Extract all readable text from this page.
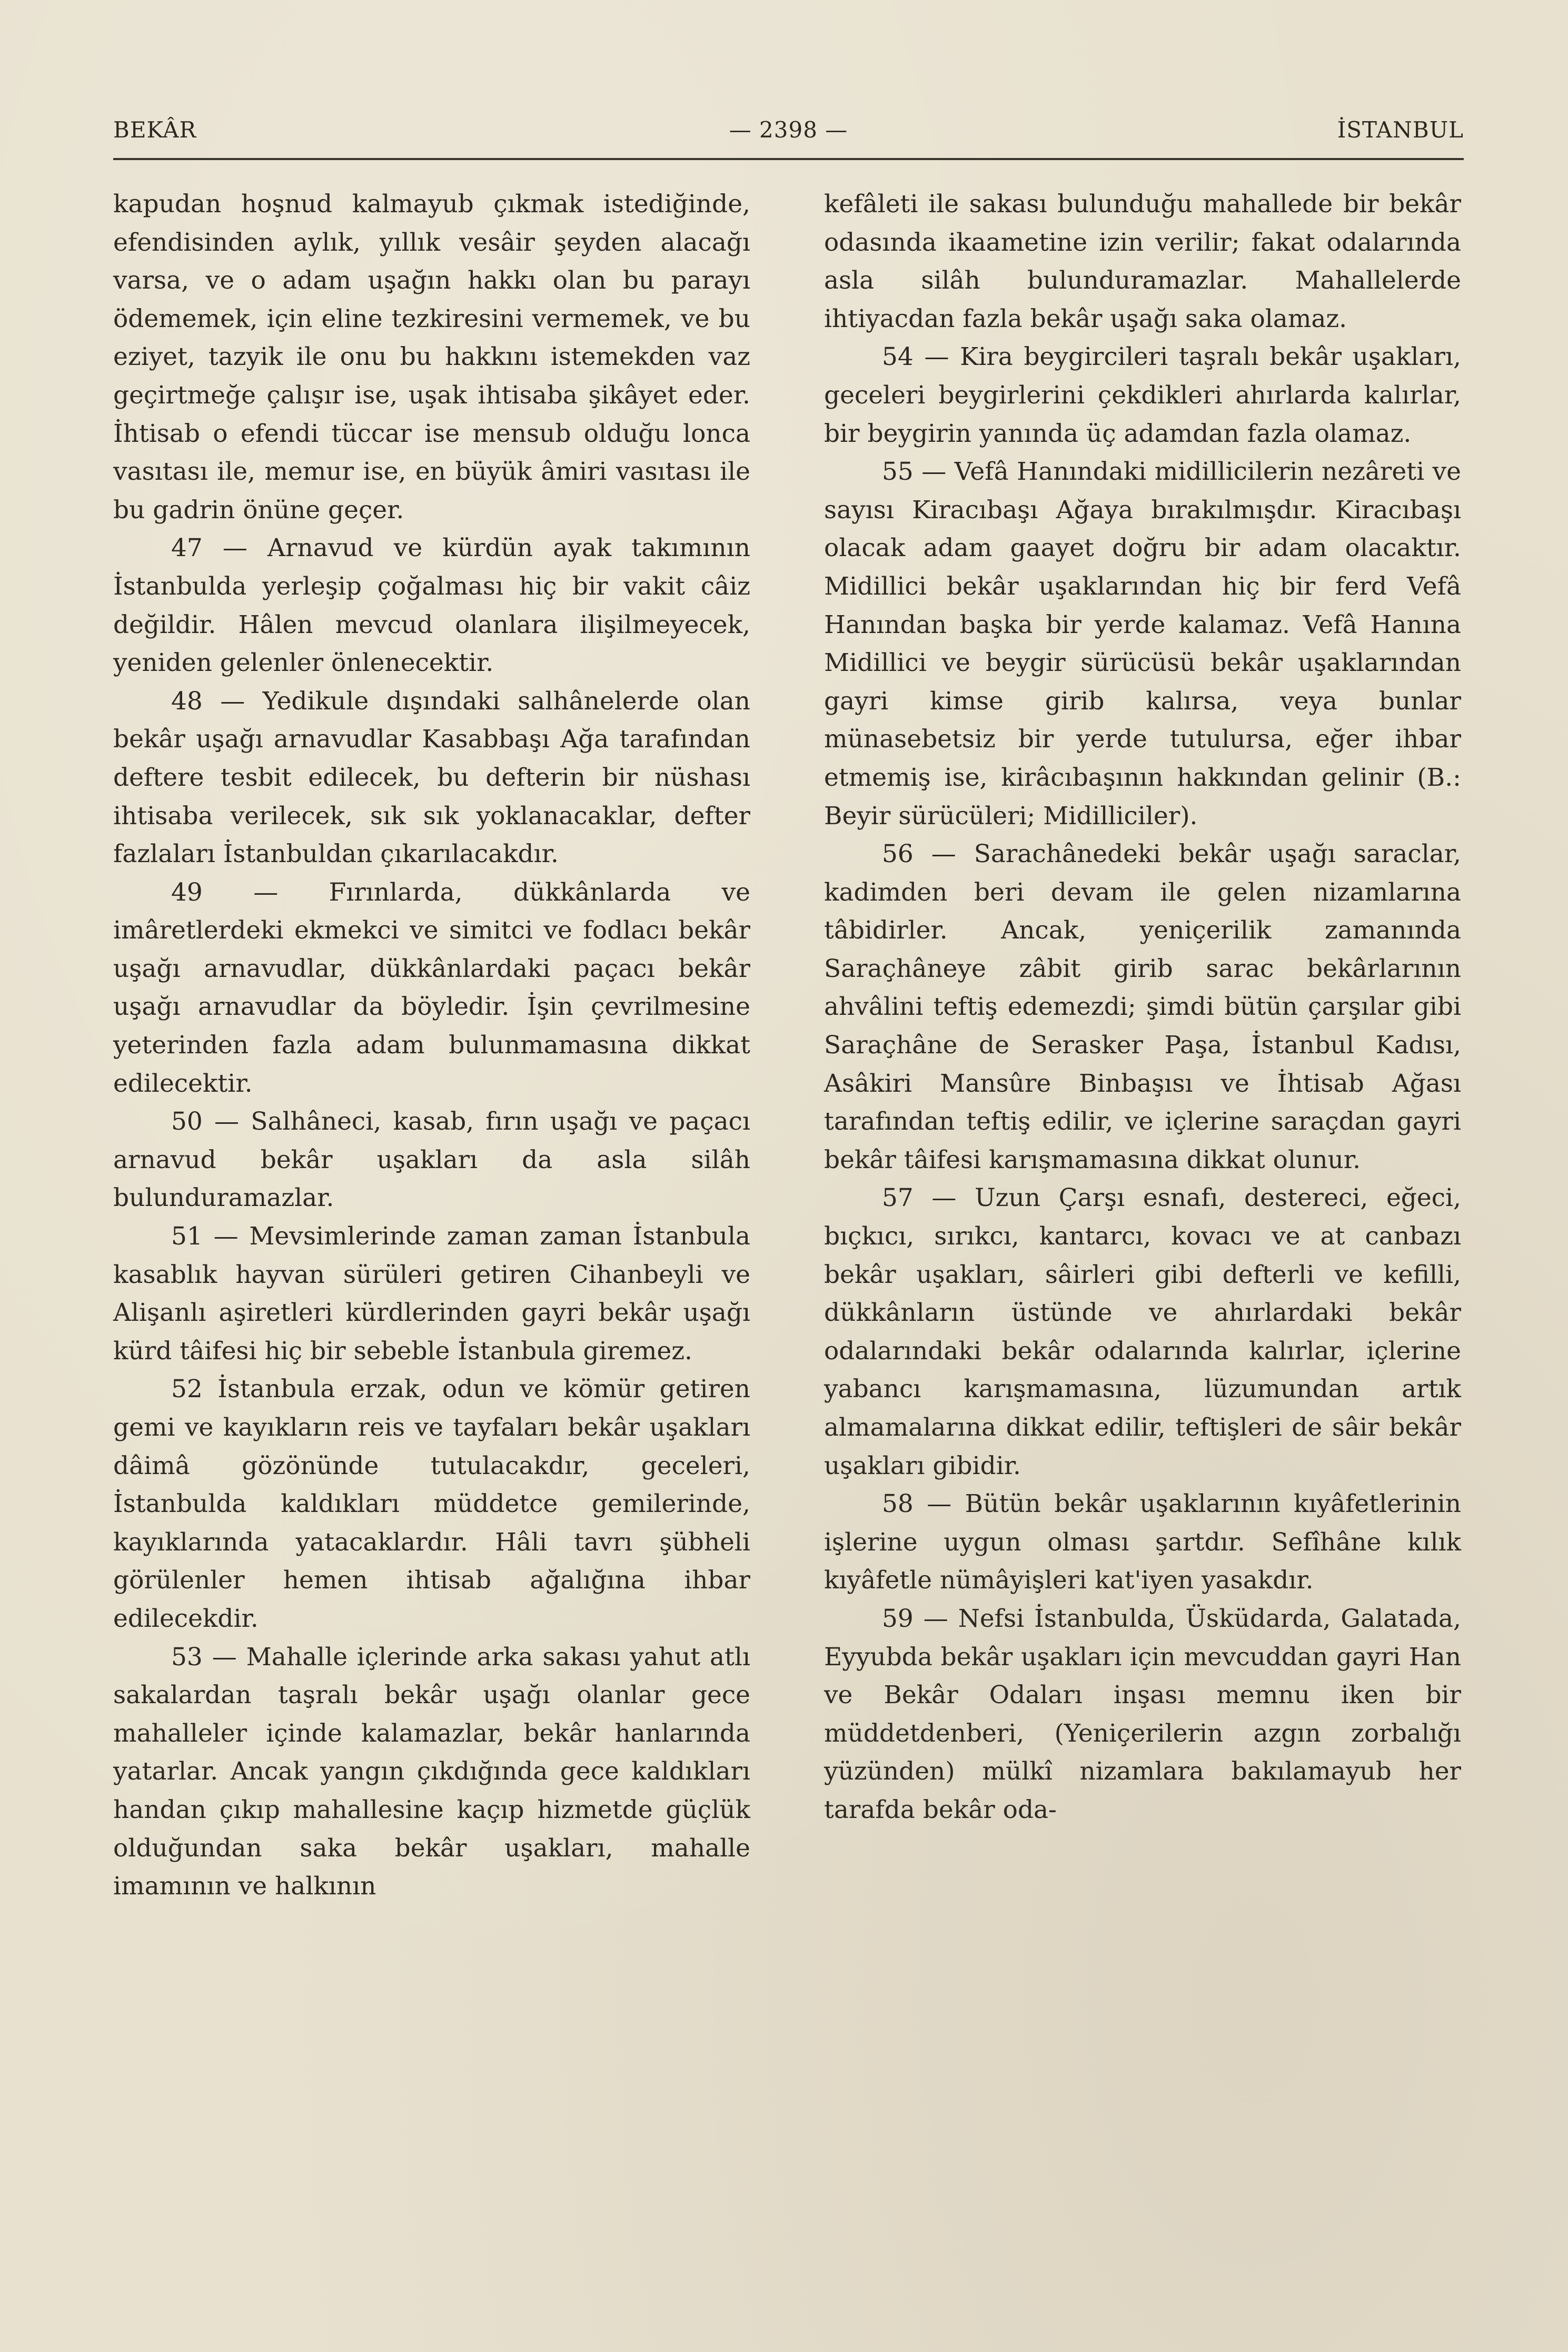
BEKÂR	— 2398 —	İSTANBUL

kapudan hoşnud kalmayub çıkmak istediğinde, efendisinden aylık, yıllık vesâir şeyden alacağı varsa, ve o adam uşağın hakkı olan bu parayı ödememek, için eline tezkiresini vermemek, ve bu eziyet, tazyik ile onu bu hakkını istemekden vaz geçirtmeğe çalışır ise, uşak ihtisaba şikâyet eder. İhtisab o efendi tüccar ise mensub olduğu lonca vasıtası ile, memur ise, en büyük âmiri vasıtası ile bu gadrin önüne geçer.

47 — Arnavud ve kürdün ayak takımının İstanbulda yerleşip çoğalması hiç bir vakit câiz değildir. Hâlen mevcud olanlara ilişilmeyecek, yeniden gelenler önlenecektir.

48 — Yedikule dışındaki salhânelerde olan bekâr uşağı arnavudlar Kasabbaşı Ağa tarafından deftere tesbit edilecek, bu defterin bir nüshası ihtisaba verilecek, sık sık yoklanacaklar, defter fazlaları İstanbuldan çıkarılacakdır.

49 — Fırınlarda, dükkânlarda ve imâretlerdeki ekmekci ve simitci ve fodlacı bekâr uşağı arnavudlar, dükkânlardaki paçacı bekâr uşağı arnavudlar da böyledir. İşin çevrilmesine yeterinden fazla adam bulunmamasına dikkat edilecektir.

50 — Salhâneci, kasab, fırın uşağı ve paçacı arnavud bekâr uşakları da asla silâh bulunduramazlar.

51 — Mevsimlerinde zaman zaman İstanbula kasablık hayvan sürüleri getiren Cihanbeyli ve Alişanlı aşiretleri kürdlerinden gayri bekâr uşağı kürd tâifesi hiç bir sebeble İstanbula giremez.

52 İstanbula erzak, odun ve kömür getiren gemi ve kayıkların reis ve tayfaları bekâr uşakları dâimâ gözönünde tutulacakdır, geceleri, İstanbulda kaldıkları müddetce gemilerinde, kayıklarında yatacaklardır. Hâli tavrı şübheli görülenler hemen ihtisab ağalığına ihbar edilecekdir.

53 — Mahalle içlerinde arka sakası yahut atlı sakalardan taşralı bekâr uşağı olanlar gece mahalleler içinde kalamazlar, bekâr hanlarında yatarlar. Ancak yangın çıkdığında gece kaldıkları handan çıkıp mahallesine kaçıp hizmetde güçlük olduğundan saka bekâr uşakları, mahalle imamının ve halkının

kefâleti ile sakası bulunduğu mahallede bir bekâr odasında ikaametine izin verilir; fakat odalarında asla silâh bulunduramazlar. Mahallelerde ihtiyacdan fazla bekâr uşağı saka olamaz.

54 — Kira beygircileri taşralı bekâr uşakları, geceleri beygirlerini çekdikleri ahırlarda kalırlar, bir beygirin yanında üç adamdan fazla olamaz.

55 — Vefâ Hanındaki midillicilerin nezâreti ve sayısı Kiracıbaşı Ağaya bırakılmışdır. Kiracıbaşı olacak adam gaayet doğru bir adam olacaktır. Midillici bekâr uşaklarından hiç bir ferd Vefâ Hanından başka bir yerde kalamaz. Vefâ Hanına Midillici ve beygir sürücüsü bekâr uşaklarından gayri kimse girib kalırsa, veya bunlar münasebetsiz bir yerde tutulursa, eğer ihbar etmemiş ise, kirâcıbaşının hakkından gelinir (B.: Beyir sürücüleri; Midilliciler).

56 — Sarachânedeki bekâr uşağı saraclar, kadimden beri devam ile gelen nizamlarına tâbidirler. Ancak, yeniçerilik zamanında Saraçhâneye zâbit girib sarac bekârlarının ahvâlini teftiş edemezdi; şimdi bütün çarşılar gibi Saraçhâne de Serasker Paşa, İstanbul Kadısı, Asâkiri Mansûre Binbaşısı ve İhtisab Ağası tarafından teftiş edilir, ve içlerine saraçdan gayri bekâr tâifesi karışmamasına dikkat olunur.

57 — Uzun Çarşı esnafı, destereci, eğeci, bıçkıcı, sırıkcı, kantarcı, kovacı ve at canbazı bekâr uşakları, sâirleri gibi defterli ve kefilli, dükkânların üstünde ve ahırlardaki bekâr odalarındaki bekâr odalarında kalırlar, içlerine yabancı karışmamasına, lüzumundan artık almamalarına dikkat edilir, teftişleri de sâir bekâr uşakları gibidir.

58 — Bütün bekâr uşaklarının kıyâfetlerinin işlerine uygun olması şartdır. Sefîhâne kılık kıyâfetle nümâyişleri kat'iyen yasakdır.

59 — Nefsi İstanbulda, Üsküdarda, Galatada, Eyyubda bekâr uşakları için mevcuddan gayri Han ve Bekâr Odaları inşası memnu iken bir müddetdenberi, (Yeniçerilerin azgın zorbalığı yüzünden) mülkî nizamlara bakılamayub her tarafda bekâr oda-
